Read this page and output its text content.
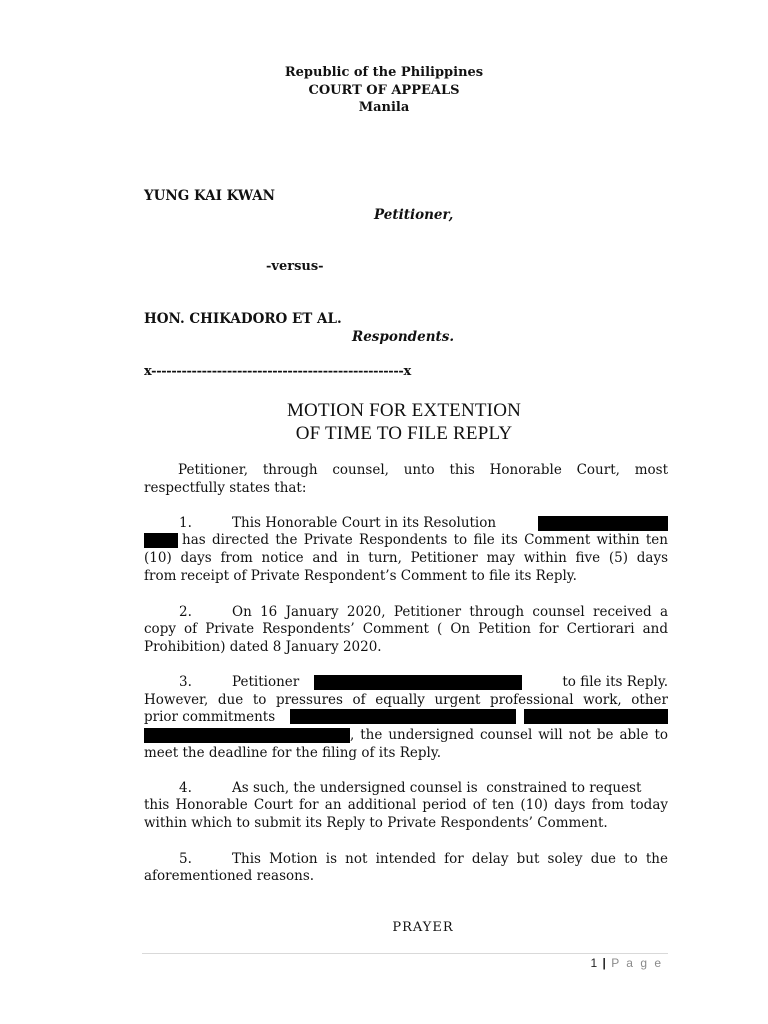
Republic of the Philippines
COURT OF APPEALS
Manila
YUNG KAI KWAN
Petitioner,
-versus-
HON. CHIKADORO ET AL.
Respondents.
x--------------------------------------------------x
MOTION FOR EXTENTION
OF TIME TO FILE REPLY
Petitioner, through counsel, unto this Honorable Court, most
respectfully states that:
1.	This Honorable Court in its Resolution
has directed the Private Respondents to file its Comment within ten
(10) days from notice and in turn, Petitioner may within five (5) days
from receipt of Private Respondent’s Comment to file its Reply.
2.	On 16 January 2020, Petitioner through counsel received a
copy of Private Respondents’ Comment ( On Petition for Certiorari and
Prohibition) dated 8 January 2020.
3.	Petitioner	to file its Reply.
However, due to pressures of equally urgent professional work, other
prior commitments
, the undersigned counsel will not be able to
meet the deadline for the filing of its Reply.
4.	As such, the undersigned counsel is  constrained to request
this Honorable Court for an additional period of ten (10) days from today
within which to submit its Reply to Private Respondents’ Comment.
5.	This Motion is not intended for delay but soley due to the
aforementioned reasons.
PRAYER
1 | P a g e
